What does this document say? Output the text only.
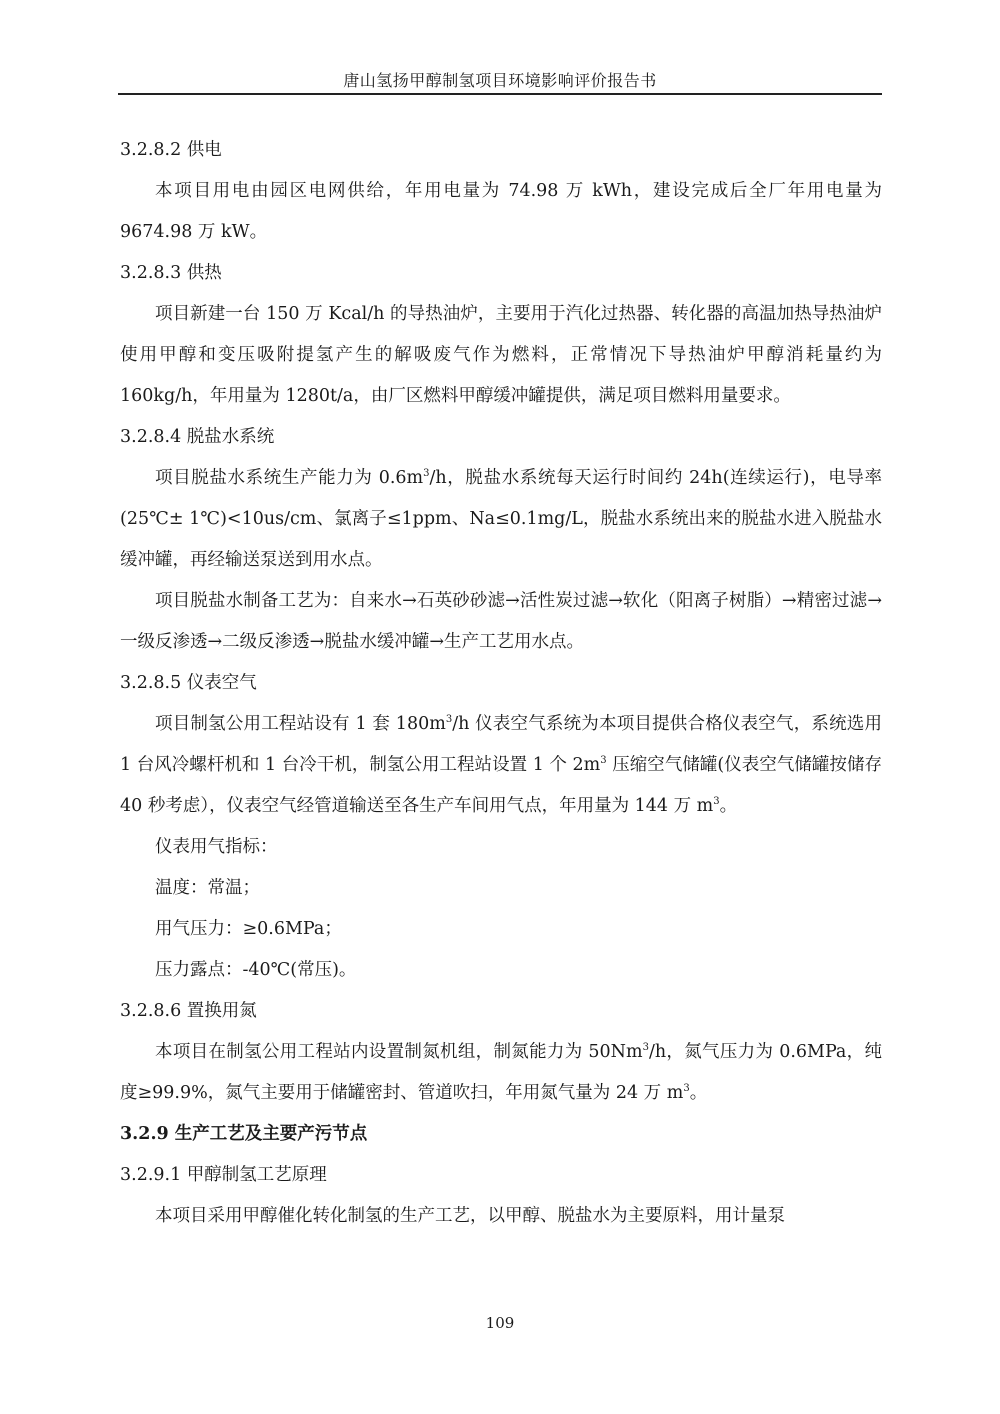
唐山氢扬甲醇制氢项目环境影响评价报告书

3.2.8.2 供电

本项目用电由园区电网供给，年用电量为 74.98 万 kWh，建设完成后全厂年用电量为 9674.98 万 kW。

3.2.8.3 供热

项目新建一台 150 万 Kcal/h 的导热油炉，主要用于汽化过热器、转化器的高温加热导热油炉使用甲醇和变压吸附提氢产生的解吸废气作为燃料，正常情况下导热油炉甲醇消耗量约为 160kg/h，年用量为 1280t/a，由厂区燃料甲醇缓冲罐提供，满足项目燃料用量要求。

3.2.8.4 脱盐水系统

项目脱盐水系统生产能力为 $0.6m^3/h$，脱盐水系统每天运行时间约 24h(连续运行)，电导率(25℃± 1℃)<10us/cm、氯离子≤1ppm、Na≤0.1mg/L，脱盐水系统出来的脱盐水进入脱盐水缓冲罐，再经输送泵送到用水点。

项目脱盐水制备工艺为：自来水→石英砂砂滤→活性炭过滤→软化（阳离子树脂）→精密过滤→一级反渗透→二级反渗透→脱盐水缓冲罐→生产工艺用水点。

3.2.8.5 仪表空气

项目制氢公用工程站设有 1 套 $180m^3/h$ 仪表空气系统为本项目提供合格仪表空气，系统选用 1 台风冷螺杆机和 1 台冷干机，制氢公用工程站设置 1 个 $2m^3$ 压缩空气储罐(仪表空气储罐按储存 40 秒考虑），仪表空气经管道输送至各生产车间用气点，年用量为 144 万 $m^3$。

仪表用气指标：

温度：常温；

用气压力：≥0.6MPa；

压力露点：-40℃(常压)。

3.2.8.6 置换用氮

本项目在制氢公用工程站内设置制氮机组，制氮能力为 50Nm$^3$/h，氮气压力为 0.6MPa，纯度≥99.9%，氮气主要用于储罐密封、管道吹扫，年用氮气量为 24 万 $m^3$。

3.2.9 生产工艺及主要产污节点

3.2.9.1 甲醇制氢工艺原理

本项目采用甲醇催化转化制氢的生产工艺，以甲醇、脱盐水为主要原料，用计量泵

109
